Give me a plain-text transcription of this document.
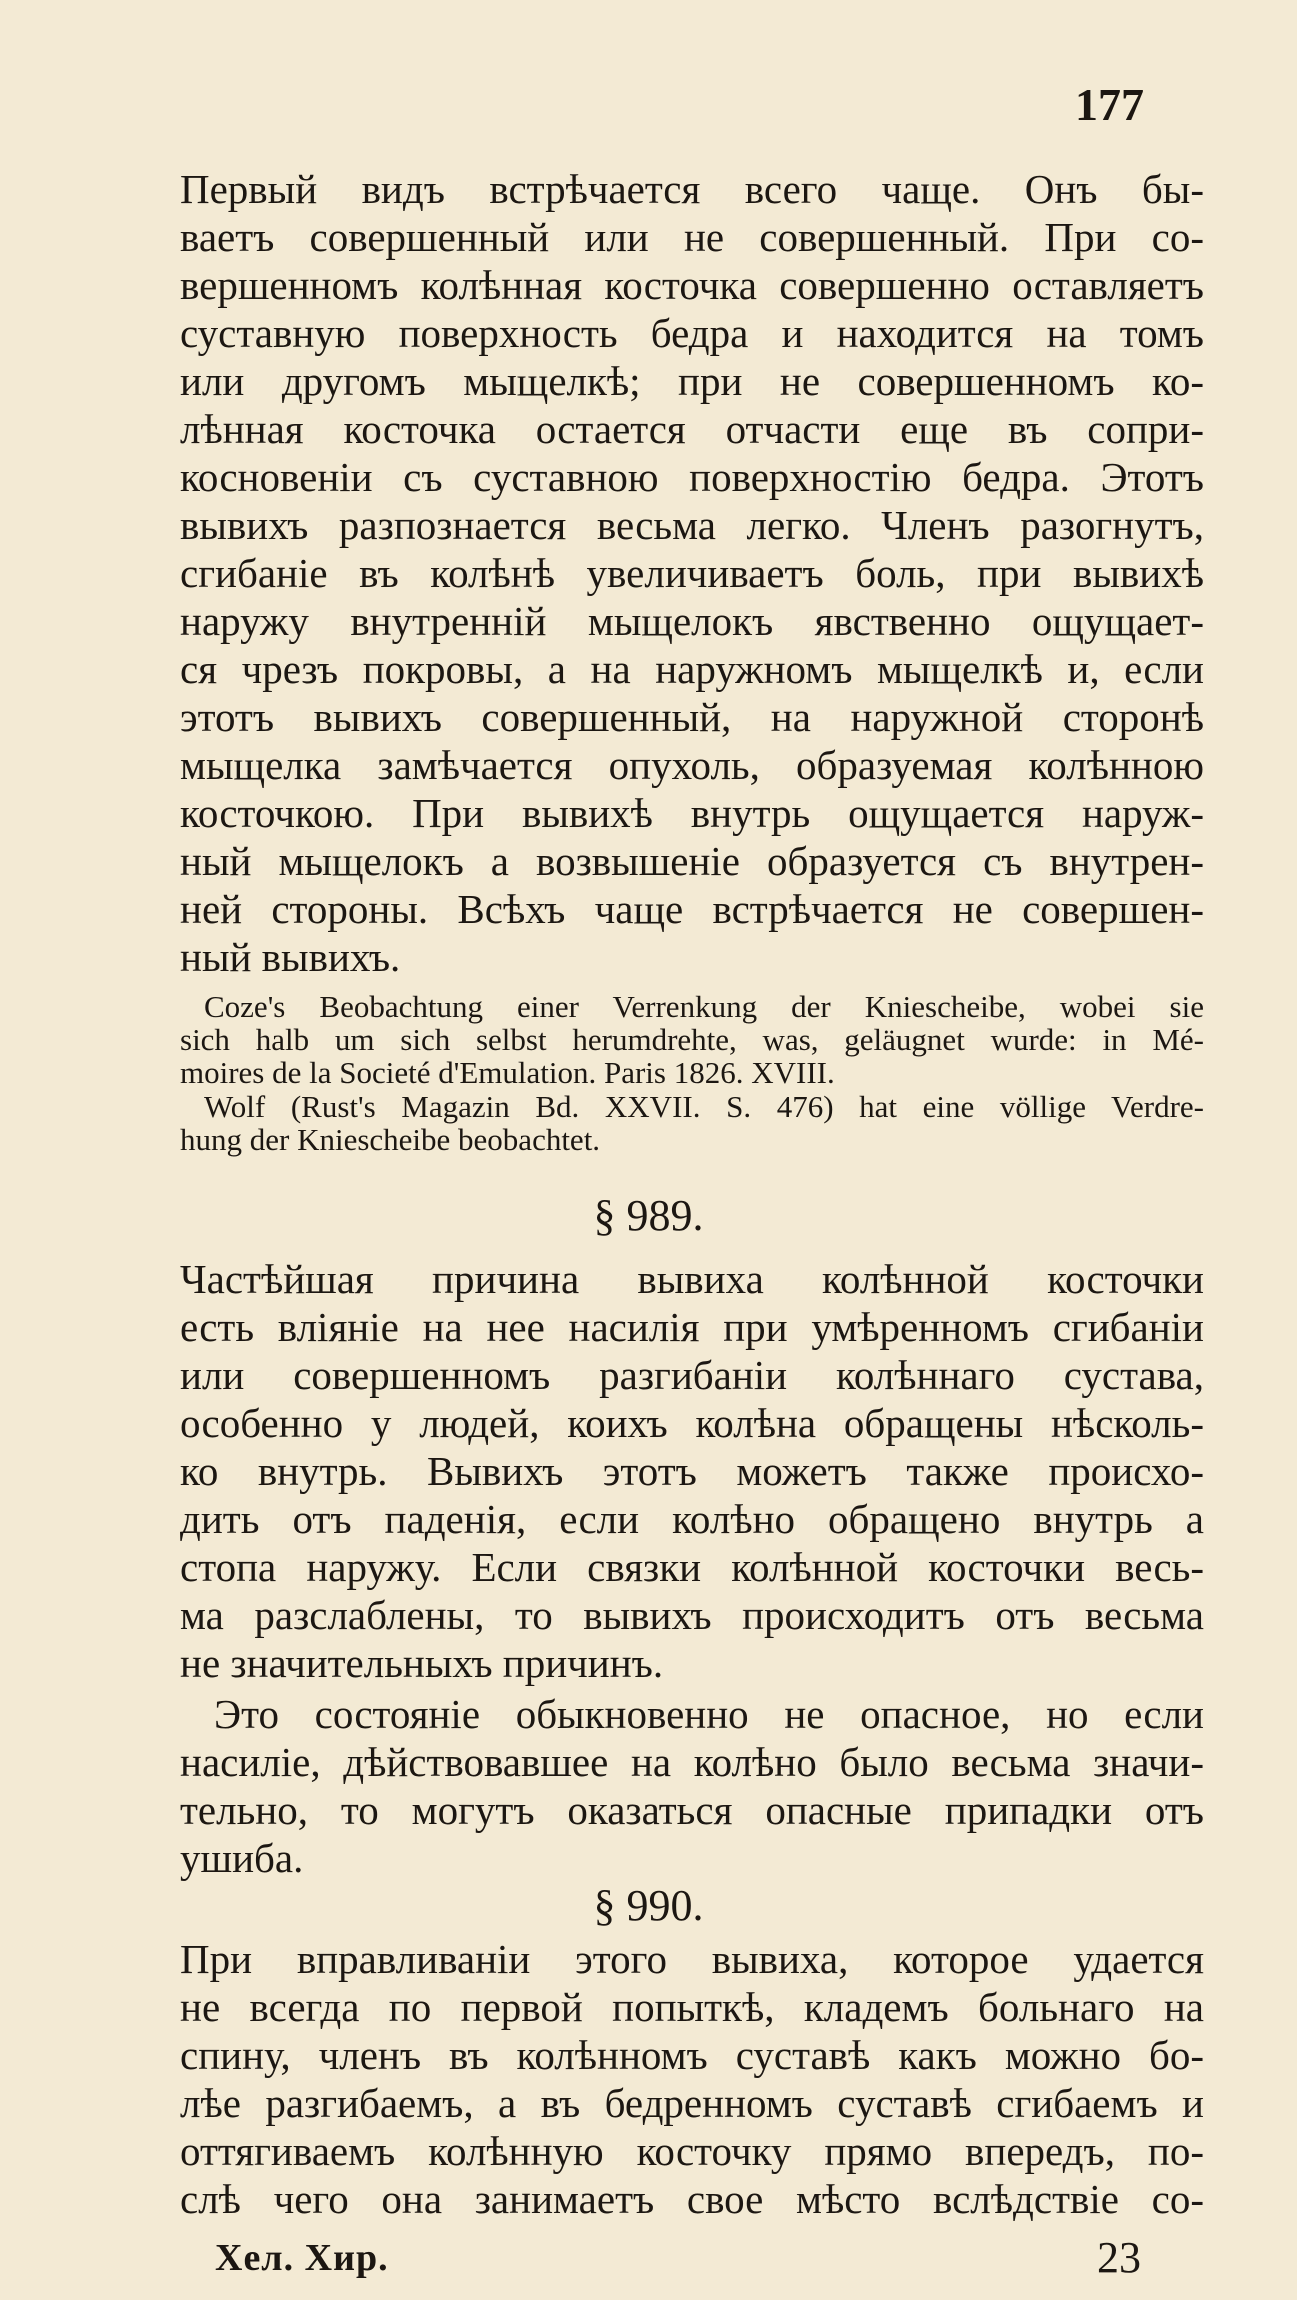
177
Первый видъ встрѣчается всего чаще. Онъ бы-
ваетъ совершенный или не совершенный. При со-
вершенномъ колѣнная косточка совершенно оставляетъ
суставную поверхность бедра и находится на томъ
или другомъ мыщелкѣ; при не совершенномъ ко-
лѣнная косточка остается отчасти еще въ сопри-
косновеніи съ суставною поверхностію бедра. Этотъ
вывихъ разпознается весьма легко. Членъ разогнутъ,
сгибаніе въ колѣнѣ увеличиваетъ боль, при вывихѣ
наружу внутренній мыщелокъ явственно ощущает-
ся чрезъ покровы, а на наружномъ мыщелкѣ и, если
этотъ вывихъ совершенный, на наружной сторонѣ
мыщелка замѣчается опухоль, образуемая колѣнною
косточкою. При вывихѣ внутрь ощущается наруж-
ный мыщелокъ а возвышеніе образуется съ внутрен-
ней стороны. Всѣхъ чаще встрѣчается не совершен-
ный вывихъ.
Cоzе's Beobachtung einer Verrenkung der Kniescheibe, wobei sie
sich halb um sich selbst herumdrehte, was, geläugnet wurde: in Mé-
moires de la Societé d'Emulation. Paris 1826. XVIII.
Wolf (Rust's Magazin Bd. XXVII. S. 476) hat eine völlige Verdre-
hung der Kniescheibe beobachtet.
§ 989.
Частѣйшая причина вывиха колѣнной косточки
есть вліяніе на нее насилія при умѣренномъ сгибаніи
или совершенномъ разгибаніи колѣннаго сустава,
особенно у людей, коихъ колѣна обращены нѣсколь-
ко внутрь. Вывихъ этотъ можетъ также происхо-
дить отъ паденія, если колѣно обращено внутрь а
стопа наружу. Если связки колѣнной косточки весь-
ма разслаблены, то вывихъ происходитъ отъ весьма
не значительныхъ причинъ.
Это состояніе обыкновенно не опасное, но если
насиліе, дѣйствовавшее на колѣно было весьма значи-
тельно, то могутъ оказаться опасные припадки отъ
ушиба.
§ 990.
При вправливаніи этого вывиха, которое удается
не всегда по первой попыткѣ, кладемъ больнаго на
спину, членъ въ колѣнномъ суставѣ какъ можно бо-
лѣе разгибаемъ, а въ бедренномъ суставѣ сгибаемъ и
оттягиваемъ колѣнную косточку прямо впередъ, по-
слѣ чего она занимаетъ свое мѣсто вслѣдствіе со-
Хел. Хир.	23
